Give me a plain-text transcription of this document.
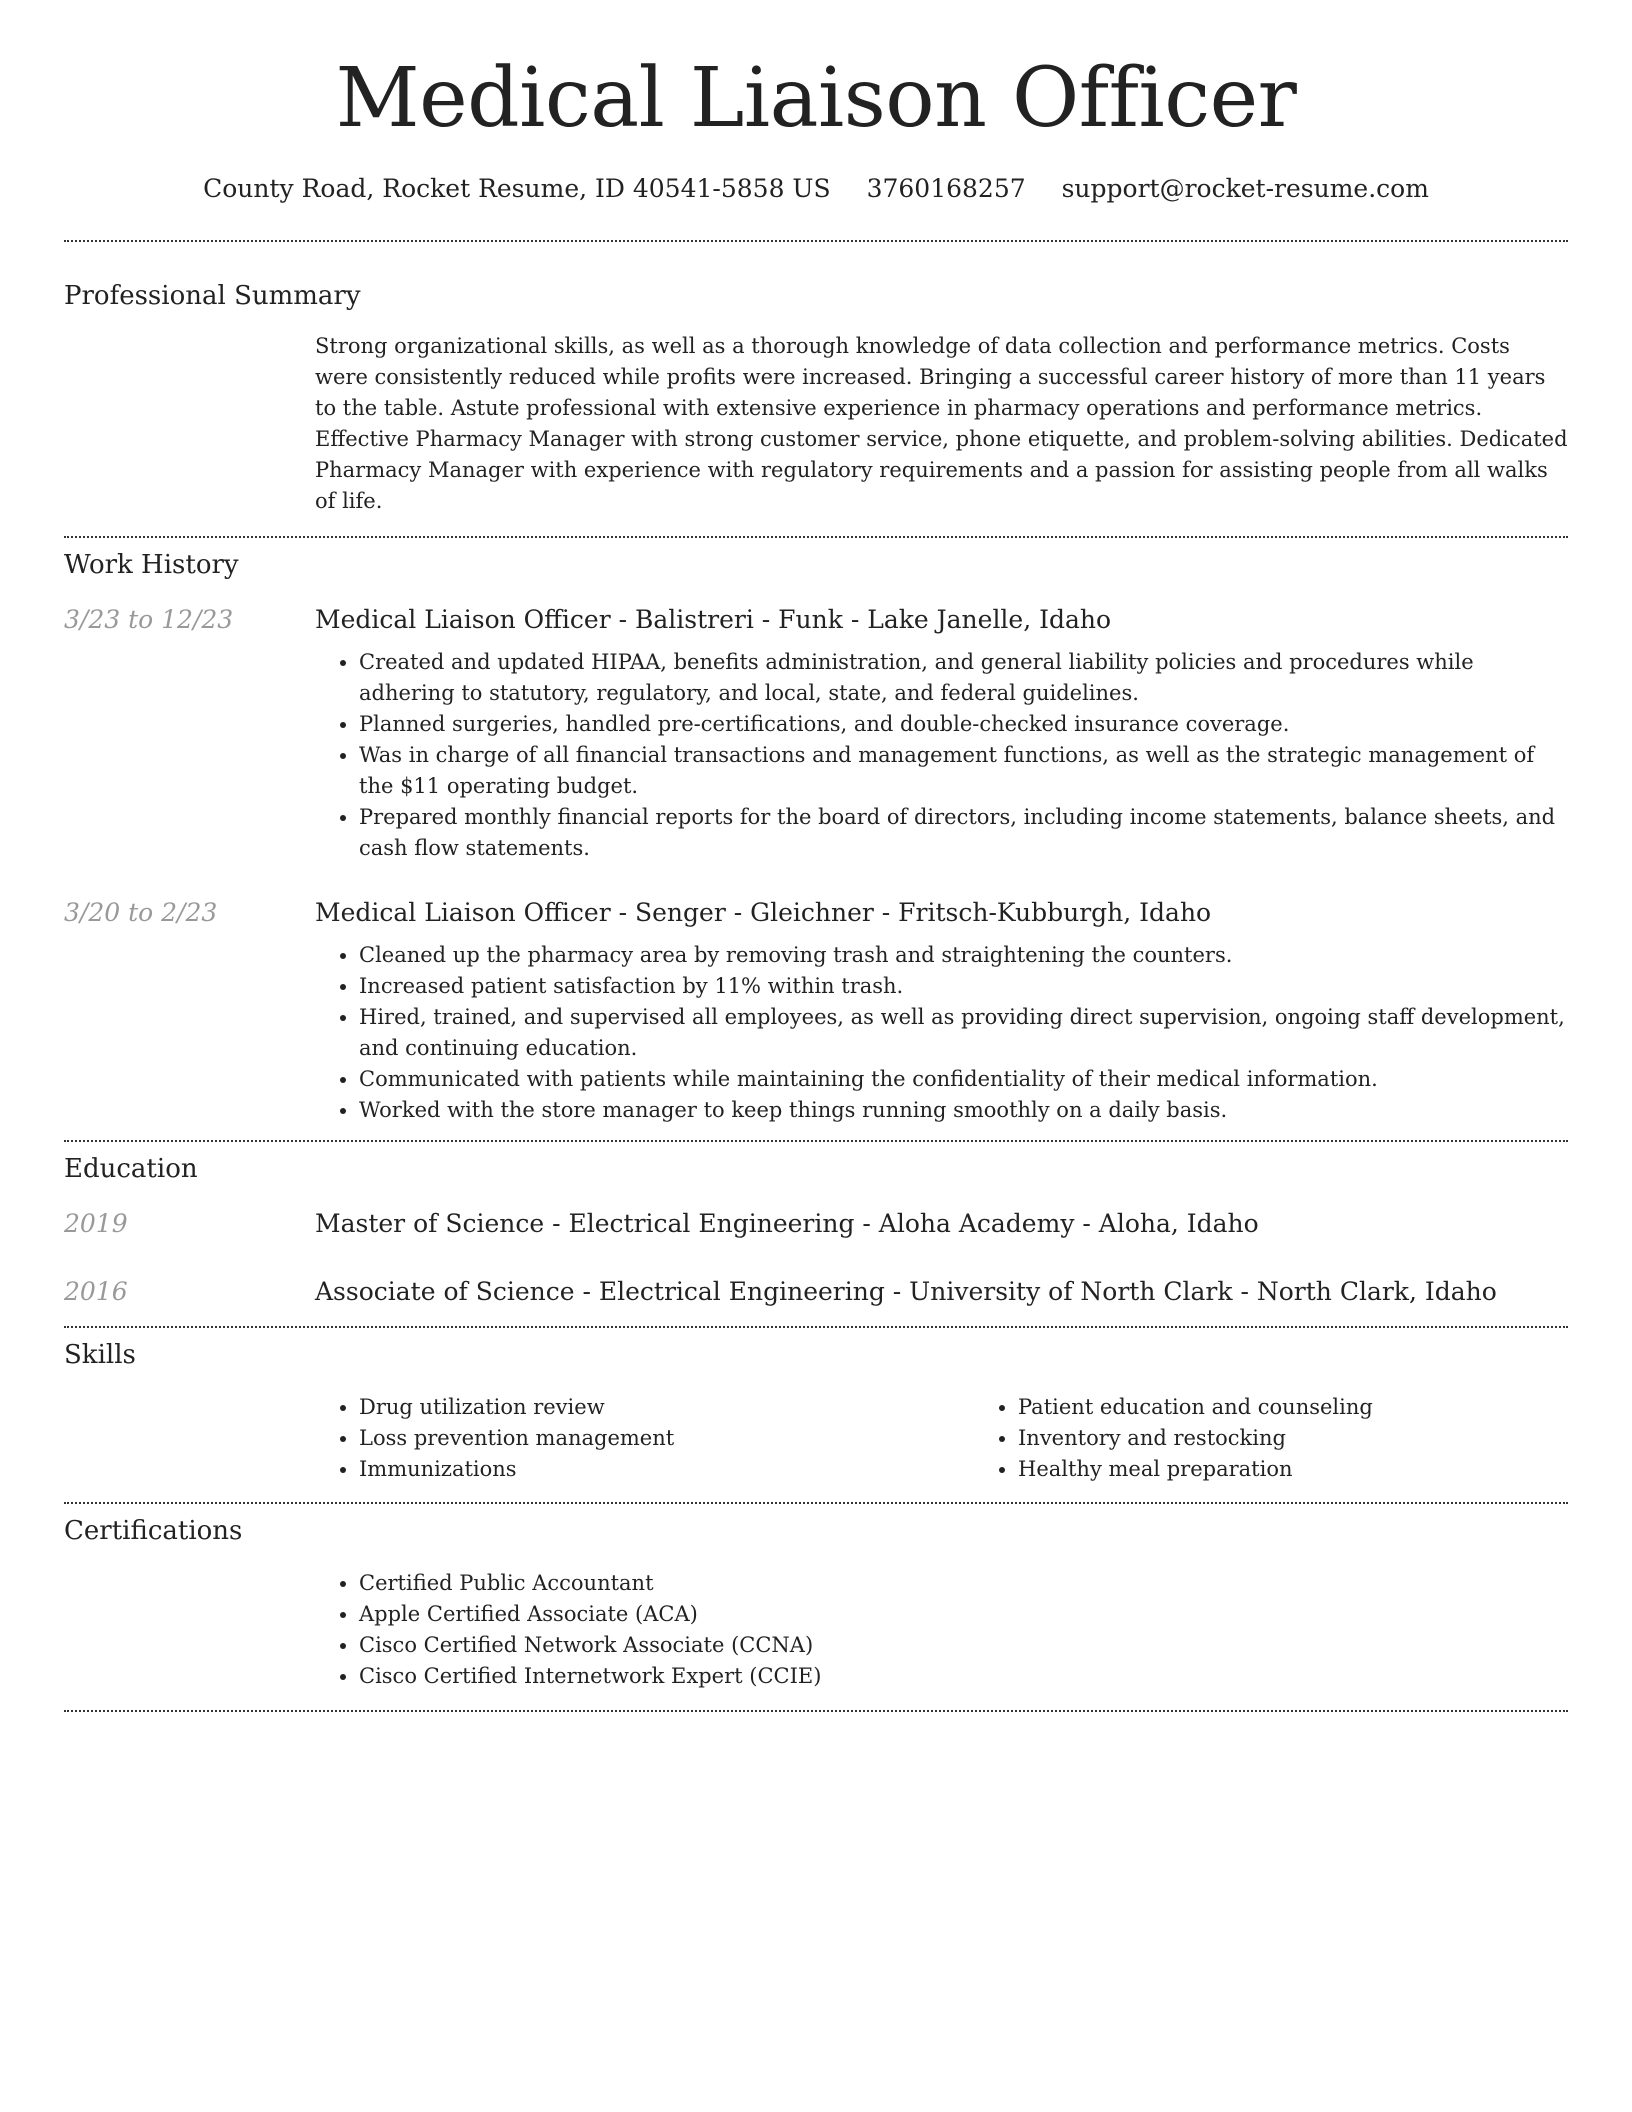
Medical Liaison Officer
County Road, Rocket Resume, ID 40541-5858 US 3760168257 support@rocket-resume.com
Professional Summary
Strong organizational skills, as well as a thorough knowledge of data collection and performance metrics. Costs were consistently reduced while profits were increased. Bringing a successful career history of more than 11 years to the table. Astute professional with extensive experience in pharmacy operations and performance metrics. Effective Pharmacy Manager with strong customer service, phone etiquette, and problem-solving abilities. Dedicated Pharmacy Manager with experience with regulatory requirements and a passion for assisting people from all walks of life.
Work History
3/23 to 12/23	Medical Liaison Officer - Balistreri - Funk - Lake Janelle, Idaho
• Created and updated HIPAA, benefits administration, and general liability policies and procedures while adhering to statutory, regulatory, and local, state, and federal guidelines.
• Planned surgeries, handled pre-certifications, and double-checked insurance coverage.
• Was in charge of all financial transactions and management functions, as well as the strategic management of the $11 operating budget.
• Prepared monthly financial reports for the board of directors, including income statements, balance sheets, and cash flow statements.
3/20 to 2/23	Medical Liaison Officer - Senger - Gleichner - Fritsch-Kubburgh, Idaho
• Cleaned up the pharmacy area by removing trash and straightening the counters.
• Increased patient satisfaction by 11% within trash.
• Hired, trained, and supervised all employees, as well as providing direct supervision, ongoing staff development, and continuing education.
• Communicated with patients while maintaining the confidentiality of their medical information.
• Worked with the store manager to keep things running smoothly on a daily basis.
Education
2019	Master of Science - Electrical Engineering - Aloha Academy - Aloha, Idaho
2016	Associate of Science - Electrical Engineering - University of North Clark - North Clark, Idaho
Skills
• Drug utilization review
• Loss prevention management
• Immunizations
• Patient education and counseling
• Inventory and restocking
• Healthy meal preparation
Certifications
• Certified Public Accountant
• Apple Certified Associate (ACA)
• Cisco Certified Network Associate (CCNA)
• Cisco Certified Internetwork Expert (CCIE)
